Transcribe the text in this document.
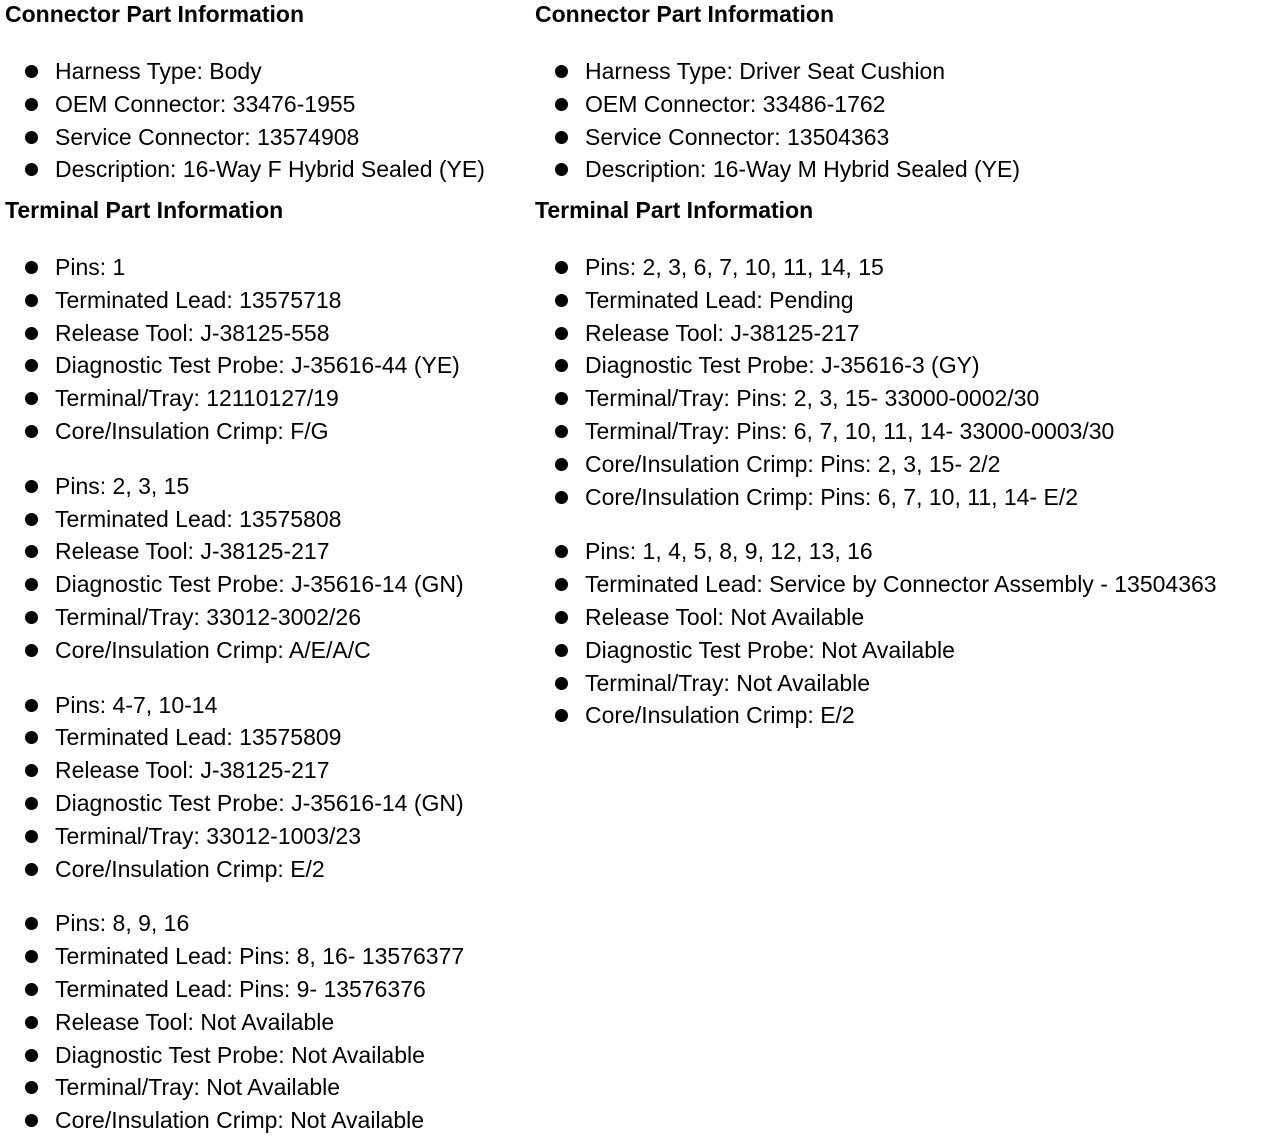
Connector Part Information
Harness Type: Body
OEM Connector: 33476-1955
Service Connector: 13574908
Description: 16-Way F Hybrid Sealed (YE)
Terminal Part Information
Pins: 1
Terminated Lead: 13575718
Release Tool: J-38125-558
Diagnostic Test Probe: J-35616-44 (YE)
Terminal/Tray: 12110127/19
Core/Insulation Crimp: F/G
Pins: 2, 3, 15
Terminated Lead: 13575808
Release Tool: J-38125-217
Diagnostic Test Probe: J-35616-14 (GN)
Terminal/Tray: 33012-3002/26
Core/Insulation Crimp: A/E/A/C
Pins: 4-7, 10-14
Terminated Lead: 13575809
Release Tool: J-38125-217
Diagnostic Test Probe: J-35616-14 (GN)
Terminal/Tray: 33012-1003/23
Core/Insulation Crimp: E/2
Pins: 8, 9, 16
Terminated Lead: Pins: 8, 16- 13576377
Terminated Lead: Pins: 9- 13576376
Release Tool: Not Available
Diagnostic Test Probe: Not Available
Terminal/Tray: Not Available
Core/Insulation Crimp: Not Available
Connector Part Information
Harness Type: Driver Seat Cushion
OEM Connector: 33486-1762
Service Connector: 13504363
Description: 16-Way M Hybrid Sealed (YE)
Terminal Part Information
Pins: 2, 3, 6, 7, 10, 11, 14, 15
Terminated Lead: Pending
Release Tool: J-38125-217
Diagnostic Test Probe: J-35616-3 (GY)
Terminal/Tray: Pins: 2, 3, 15- 33000-0002/30
Terminal/Tray: Pins: 6, 7, 10, 11, 14- 33000-0003/30
Core/Insulation Crimp: Pins: 2, 3, 15- 2/2
Core/Insulation Crimp: Pins: 6, 7, 10, 11, 14- E/2
Pins: 1, 4, 5, 8, 9, 12, 13, 16
Terminated Lead: Service by Connector Assembly - 13504363
Release Tool: Not Available
Diagnostic Test Probe: Not Available
Terminal/Tray: Not Available
Core/Insulation Crimp: E/2
